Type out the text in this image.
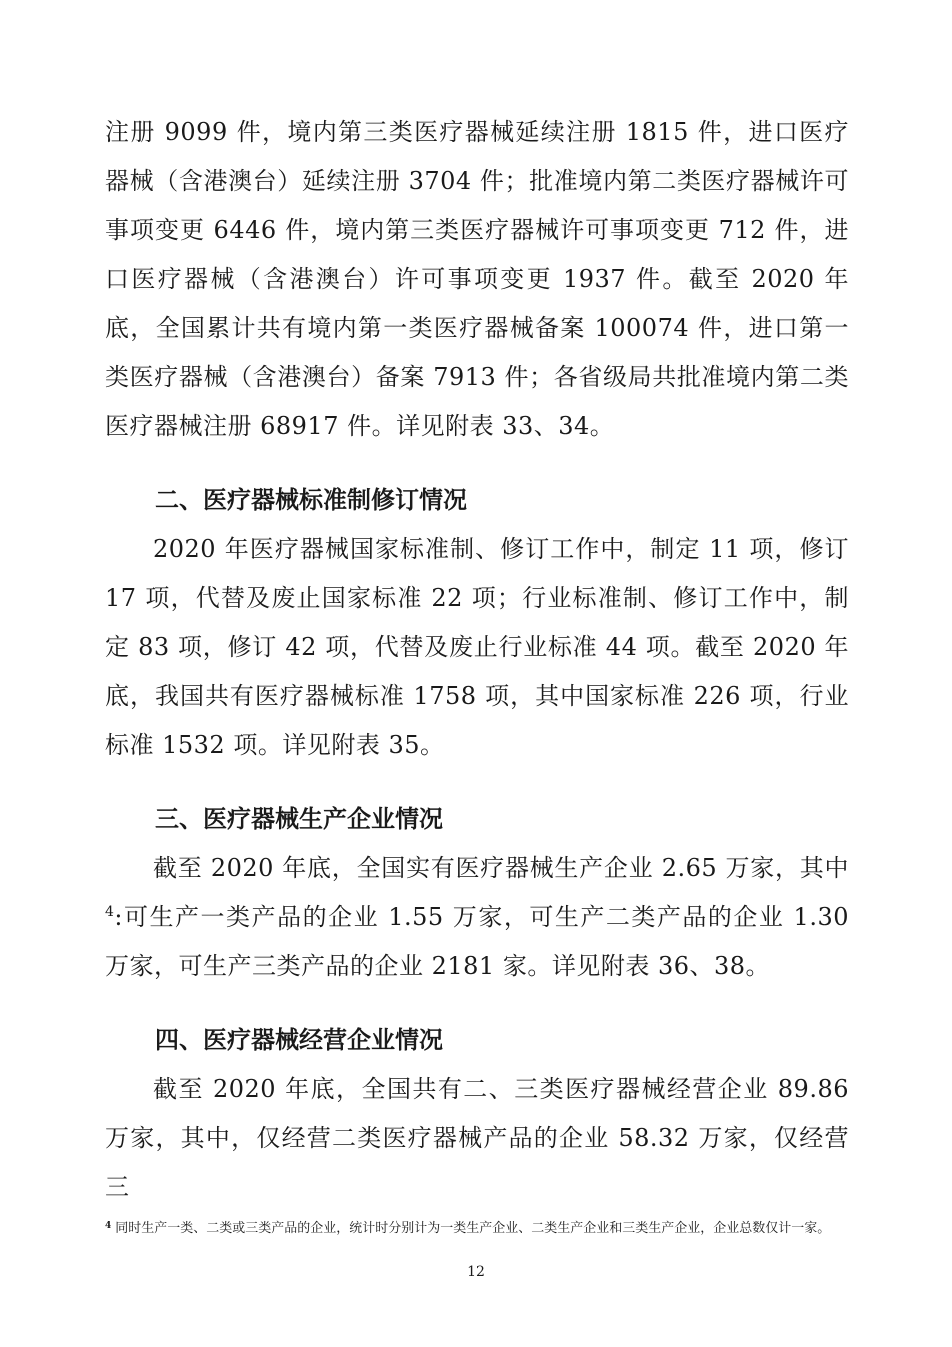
注册 9099 件，境内第三类医疗器械延续注册 1815 件，进口医疗器械（含港澳台）延续注册 3704 件；批准境内第二类医疗器械许可事项变更 6446 件，境内第三类医疗器械许可事项变更 712 件，进口医疗器械（含港澳台）许可事项变更 1937 件。截至 2020 年底，全国累计共有境内第一类医疗器械备案 100074 件，进口第一类医疗器械（含港澳台）备案 7913 件；各省级局共批准境内第二类医疗器械注册 68917 件。详见附表 33、34。

二、医疗器械标准制修订情况

2020 年医疗器械国家标准制、修订工作中，制定 11 项，修订 17 项，代替及废止国家标准 22 项；行业标准制、修订工作中，制定 83 项，修订 42 项，代替及废止行业标准 44 项。截至 2020 年底，我国共有医疗器械标准 1758 项，其中国家标准 226 项，行业标准 1532 项。详见附表 35。

三、医疗器械生产企业情况

截至 2020 年底，全国实有医疗器械生产企业 2.65 万家，其中$^4$:可生产一类产品的企业 1.55 万家，可生产二类产品的企业 1.30 万家，可生产三类产品的企业 2181 家。详见附表 36、38。

四、医疗器械经营企业情况

截至 2020 年底，全国共有二、三类医疗器械经营企业 89.86 万家，其中，仅经营二类医疗器械产品的企业 58.32 万家，仅经营三

$^4$ 同时生产一类、二类或三类产品的企业，统计时分别计为一类生产企业、二类生产企业和三类生产企业，企业总数仅计一家。
12
